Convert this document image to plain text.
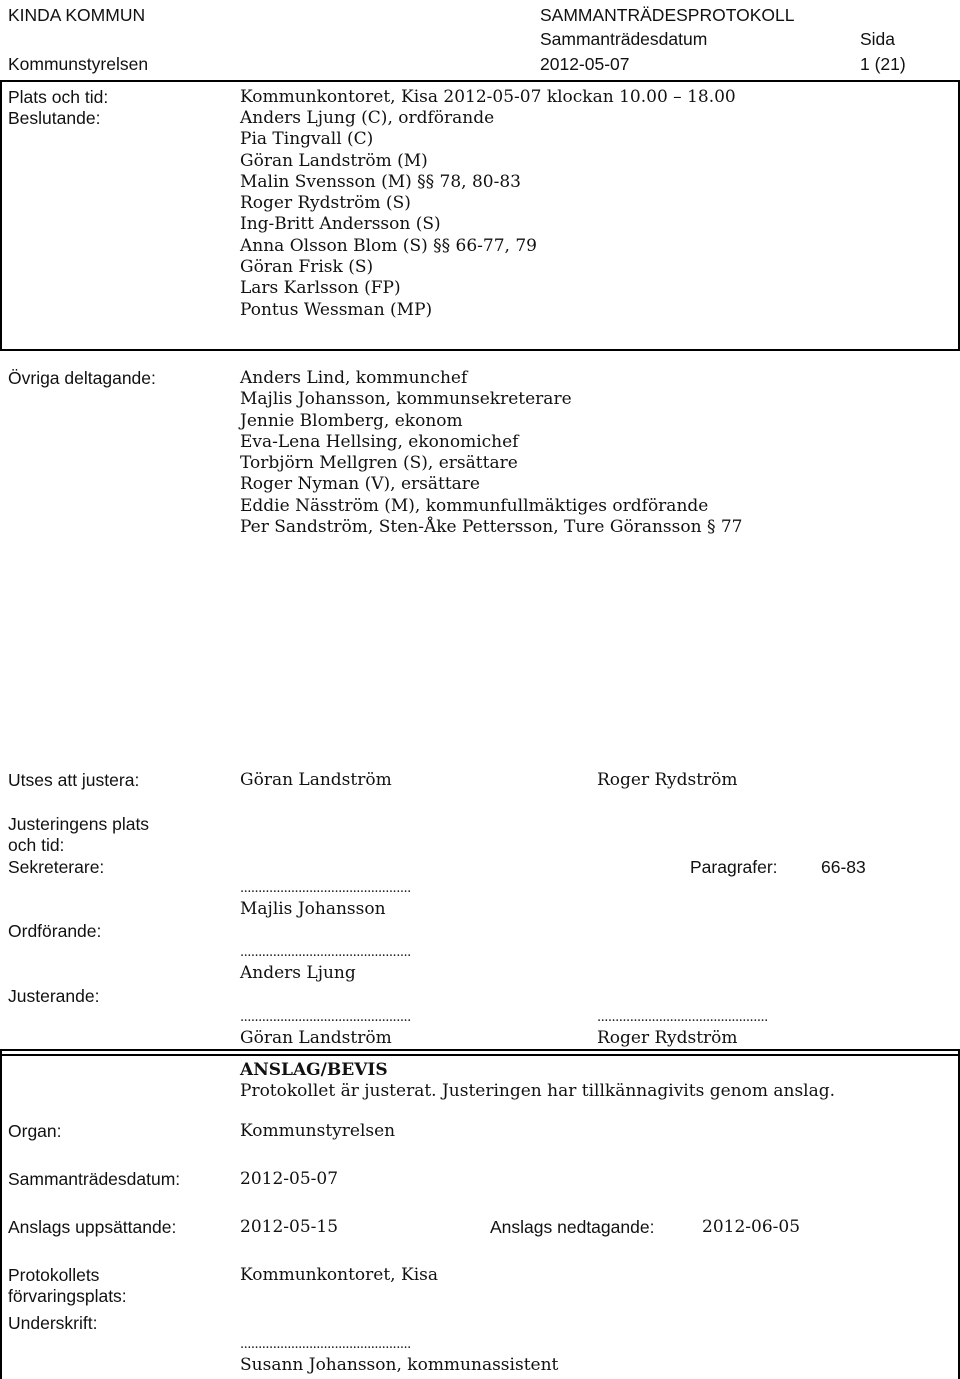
KINDA KOMMUN	SAMMANTRÄDESPROTOKOLL
Sammanträdesdatum	Sida
Kommunstyrelsen	2012-05-07	1 (21)
Plats och tid:	Kommunkontoret, Kisa 2012-05-07 klockan 10.00 – 18.00
Beslutande:	Anders Ljung (C), ordförande
Pia Tingvall (C)
Göran Landström (M)
Malin Svensson (M) §§ 78, 80-83
Roger Rydström (S)
Ing-Britt Andersson (S)
Anna Olsson Blom (S) §§ 66-77, 79
Göran Frisk (S)
Lars Karlsson (FP)
Pontus Wessman (MP)
Övriga deltagande:	Anders Lind, kommunchef
Majlis Johansson, kommunsekreterare
Jennie Blomberg, ekonom
Eva-Lena Hellsing, ekonomichef
Torbjörn Mellgren (S), ersättare
Roger Nyman (V), ersättare
Eddie Näsström (M), kommunfullmäktiges ordförande
Per Sandström, Sten-Åke Pettersson, Ture Göransson § 77
Utses att justera:	Göran Landström	Roger Rydström
Justeringens plats
och tid:
Sekreterare:	Paragrafer: 66-83
...............................................
Majlis Johansson
Ordförande:
...............................................
Anders Ljung
Justerande:
...............................................	...............................................
Göran Landström	Roger Rydström
ANSLAG/BEVIS
Protokollet är justerat. Justeringen har tillkännagivits genom anslag.
Organ:	Kommunstyrelsen
Sammanträdesdatum:	2012-05-07
Anslags uppsättande:	2012-05-15	Anslags nedtagande:	2012-06-05
Protokollets
förvaringsplats:
Kommunkontoret, Kisa
Underskrift:
...............................................
Susann Johansson, kommunassistent
